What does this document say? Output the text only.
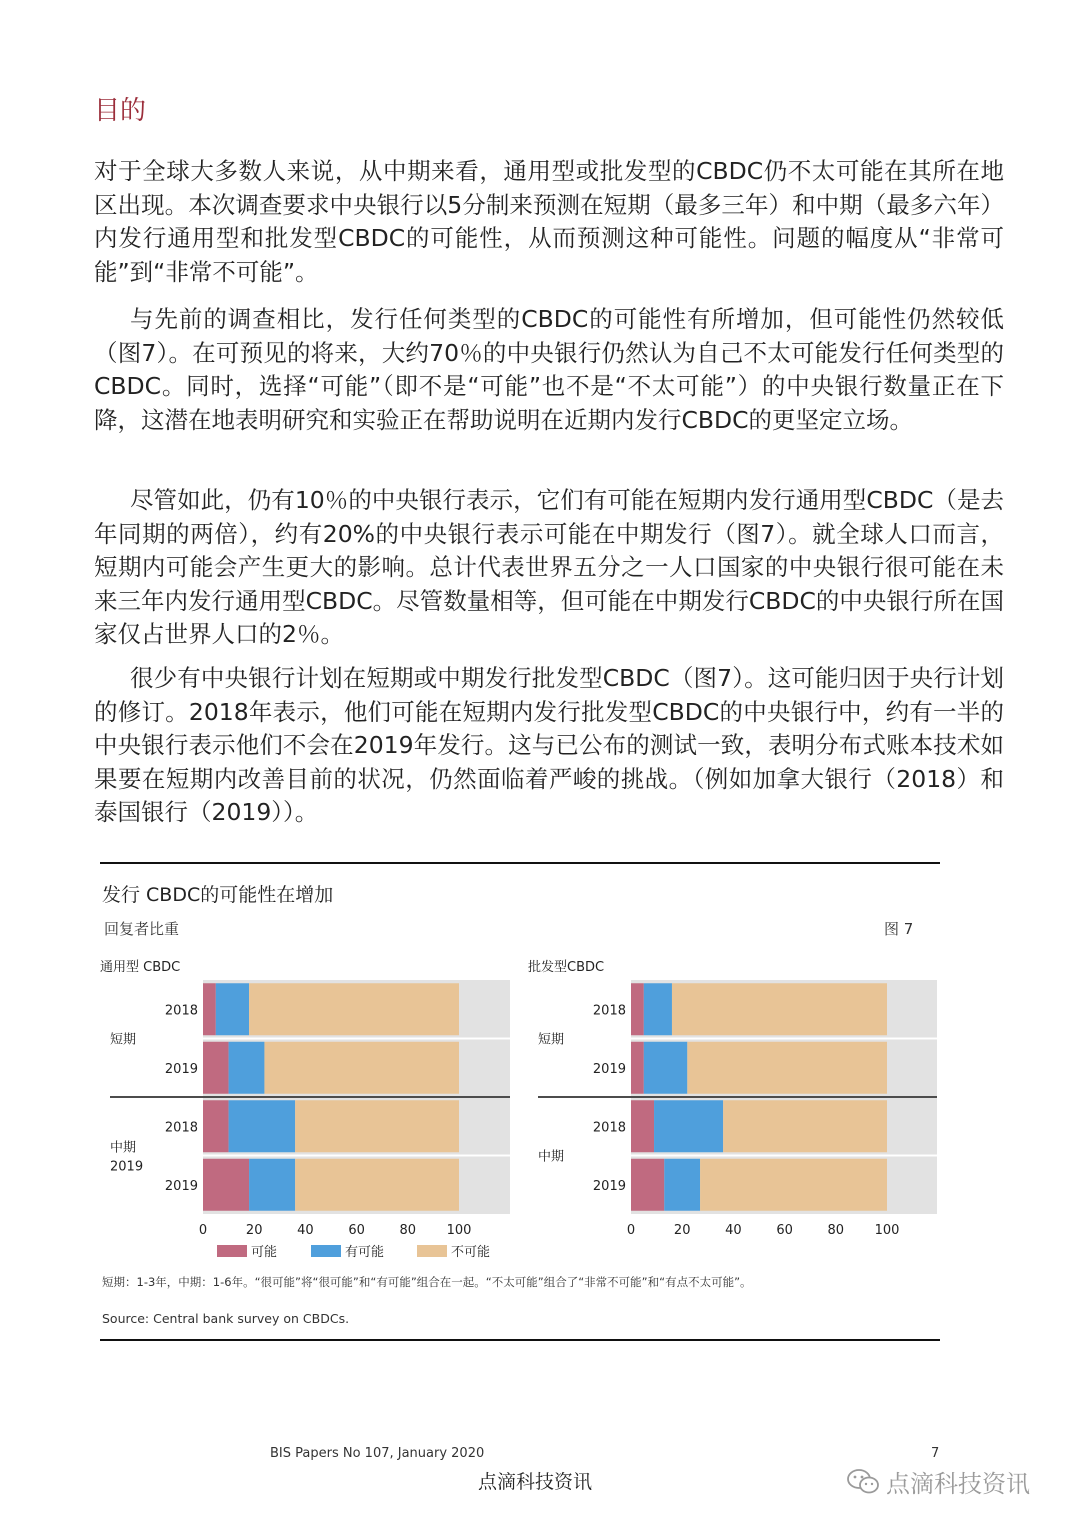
目的

对于全球大多数人来说，从中期来看，通用型或批发型的CBDC仍不太可能在其所在地区出现。本次调查要求中央银行以5分制来预测在短期（最多三年）和中期（最多六年）内发行通用型和批发型CBDC的可能性，从而预测这种可能性。问题的幅度从“非常可能”到“非常不可能”。

与先前的调查相比，发行任何类型的CBDC的可能性有所增加，但可能性仍然较低（图7）。在可预见的将来，大约70％的中央银行仍然认为自己不太可能发行任何类型的CBDC。同时，选择“可能”（即不是“可能”也不是“不太可能”）的中央银行数量正在下降，这潜在地表明研究和实验正在帮助说明在近期内发行CBDC的更坚定立场。

尽管如此，仍有10％的中央银行表示，它们有可能在短期内发行通用型CBDC（是去年同期的两倍），约有20%的中央银行表示可能在中期发行（图7）。就全球人口而言，短期内可能会产生更大的影响。总计代表世界五分之一人口国家的中央银行很可能在未来三年内发行通用型CBDC。尽管数量相等，但可能在中期发行CBDC的中央银行所在国家仅占世界人口的2％。

很少有中央银行计划在短期或中期发行批发型CBDC（图7）。这可能归因于央行计划的修订。2018年表示，他们可能在短期内发行批发型CBDC的中央银行中，约有一半的中央银行表示他们不会在2019年发行。这与已公布的测试一致，表明分布式账本技术如果要在短期内改善目前的状况，仍然面临着严峻的挑战。（例如加拿大银行（2018）和泰国银行（2019））。

发行 CBDC的可能性在增加
回复者比重	图 7
通用型 CBDC
2018
2019
短期
2018
2019
中期
0	20	40	60	80 100
批发型CBDC
2018
2019
短期
2018
2019
中期
0	20	40	60	80 100
2019
可能	有可能	不可能
短期：1-3年，中期：1-6年。“很可能”将“很可能”和“有可能”组合在一起。“不太可能”组合了“非常不可能”和“有点不太可能”。
Source: Central bank survey on CBDCs.
BIS Papers No 107, January 2020	7
点滴科技资讯	点滴科技资讯
